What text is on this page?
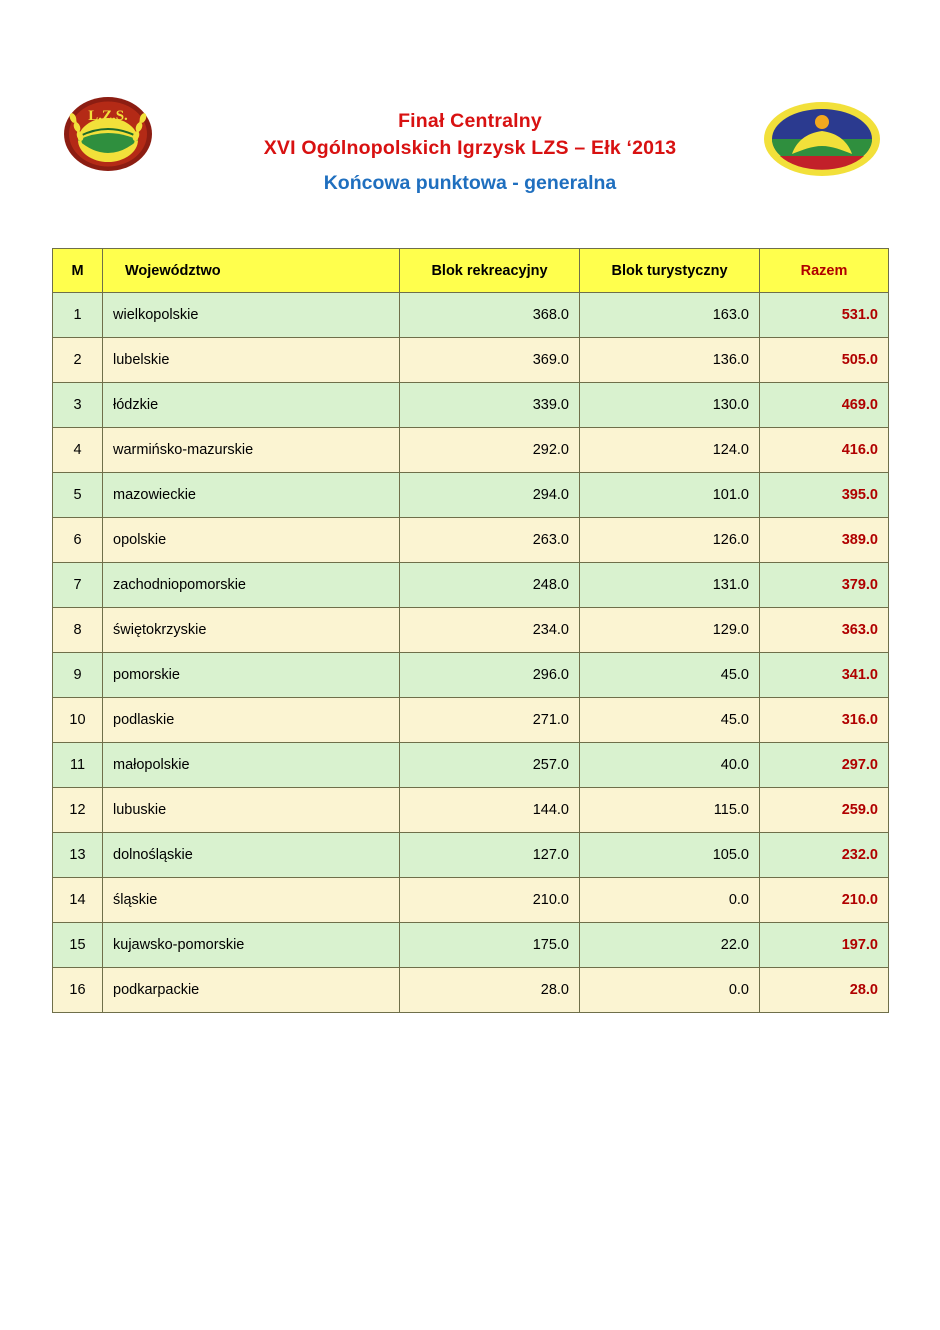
L.Z.S.	Finał Centralny
XVI Ogólnopolskich Igrzysk LZS – Ełk ‘2013
Końcowa punktowa - generalna
M	Województwo	Blok rekreacyjny	Blok turystyczny	Razem
1	wielkopolskie	368.0	163.0	531.0
2	lubelskie	369.0	136.0	505.0
3	łódzkie	339.0	130.0	469.0
4	warmińsko-mazurskie	292.0	124.0	416.0
5	mazowieckie	294.0	101.0	395.0
6	opolskie	263.0	126.0	389.0
7	zachodniopomorskie	248.0	131.0	379.0
8	świętokrzyskie	234.0	129.0	363.0
9	pomorskie	296.0	45.0	341.0
10	podlaskie	271.0	45.0	316.0
11	małopolskie	257.0	40.0	297.0
12	lubuskie	144.0	115.0	259.0
13	dolnośląskie	127.0	105.0	232.0
14	śląskie	210.0	0.0	210.0
15	kujawsko-pomorskie	175.0	22.0	197.0
16	podkarpackie	28.0	0.0	28.0
